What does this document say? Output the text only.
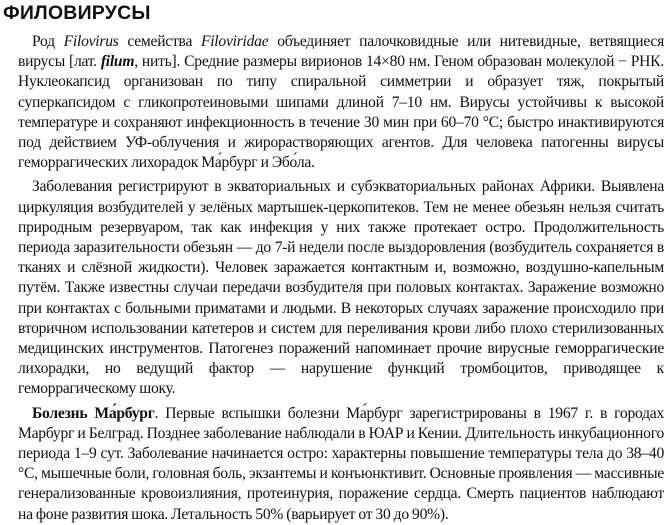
ФИЛОВИРУСЫ

Род Filovirus семейства Filoviridae объединяет палочковидные или нитевидные, ветвящиеся вирусы [лат. filum, нить]. Средние размеры вирионов 14×80 нм. Геном образован молекулой − РНК. Нуклеокапсид организован по типу спиральной симметрии и образует тяж, покрытый суперкапсидом с гликопротеиновыми шипами длиной 7–10 нм. Вирусы устойчивы к высокой температуре и сохраняют инфекционность в течение 30 мин при 60–70 °С; быстро инактивируются под действием УФ-облучения и жирорастворяющих агентов. Для человека патогенны вирусы геморрагических лихорадок Ма́рбург и Эбо́ла.

Заболевания регистрируют в экваториальных и субэкваториальных районах Африки. Выявлена циркуляция возбудителей у зелёных мартышек-церкопитеков. Тем не менее обезьян нельзя считать природным резервуаром, так как инфекция у них также протекает остро. Продолжительность периода заразительности обезьян — до 7-й недели после выздоровления (возбудитель сохраняется в тканях и слёзной жидкости). Человек заражается контактным и, возможно, воздушно-капельным путём. Также известны случаи передачи возбудителя при половых контактах. Заражение возможно при контактах с больными приматами и людьми. В некоторых случаях заражение происходило при вторичном использовании катетеров и систем для переливания крови либо плохо стерилизованных медицинских инструментов. Патогенез поражений напоминает прочие вирусные геморрагические лихорадки, но ведущий фактор — нарушение функций тромбоцитов, приводящее к геморрагическому шоку.

Болезнь Ма́рбург. Первые вспышки болезни Ма́рбург зарегистрированы в 1967 г. в городах Марбург и Белград. Позднее заболевание наблюдали в ЮАР и Кении. Длительность инкубационного периода 1–9 сут. Заболевание начинается остро: характерны повышение температуры тела до 38–40 °С, мышечные боли, головная боль, экзантемы и конъюнктивит. Основные проявления — массивные генерализованные кровоизлияния, протеинурия, поражение сердца. Смерть пациентов наблюдают на фоне развития шока. Летальность 50% (варьирует от 30 до 90%).
